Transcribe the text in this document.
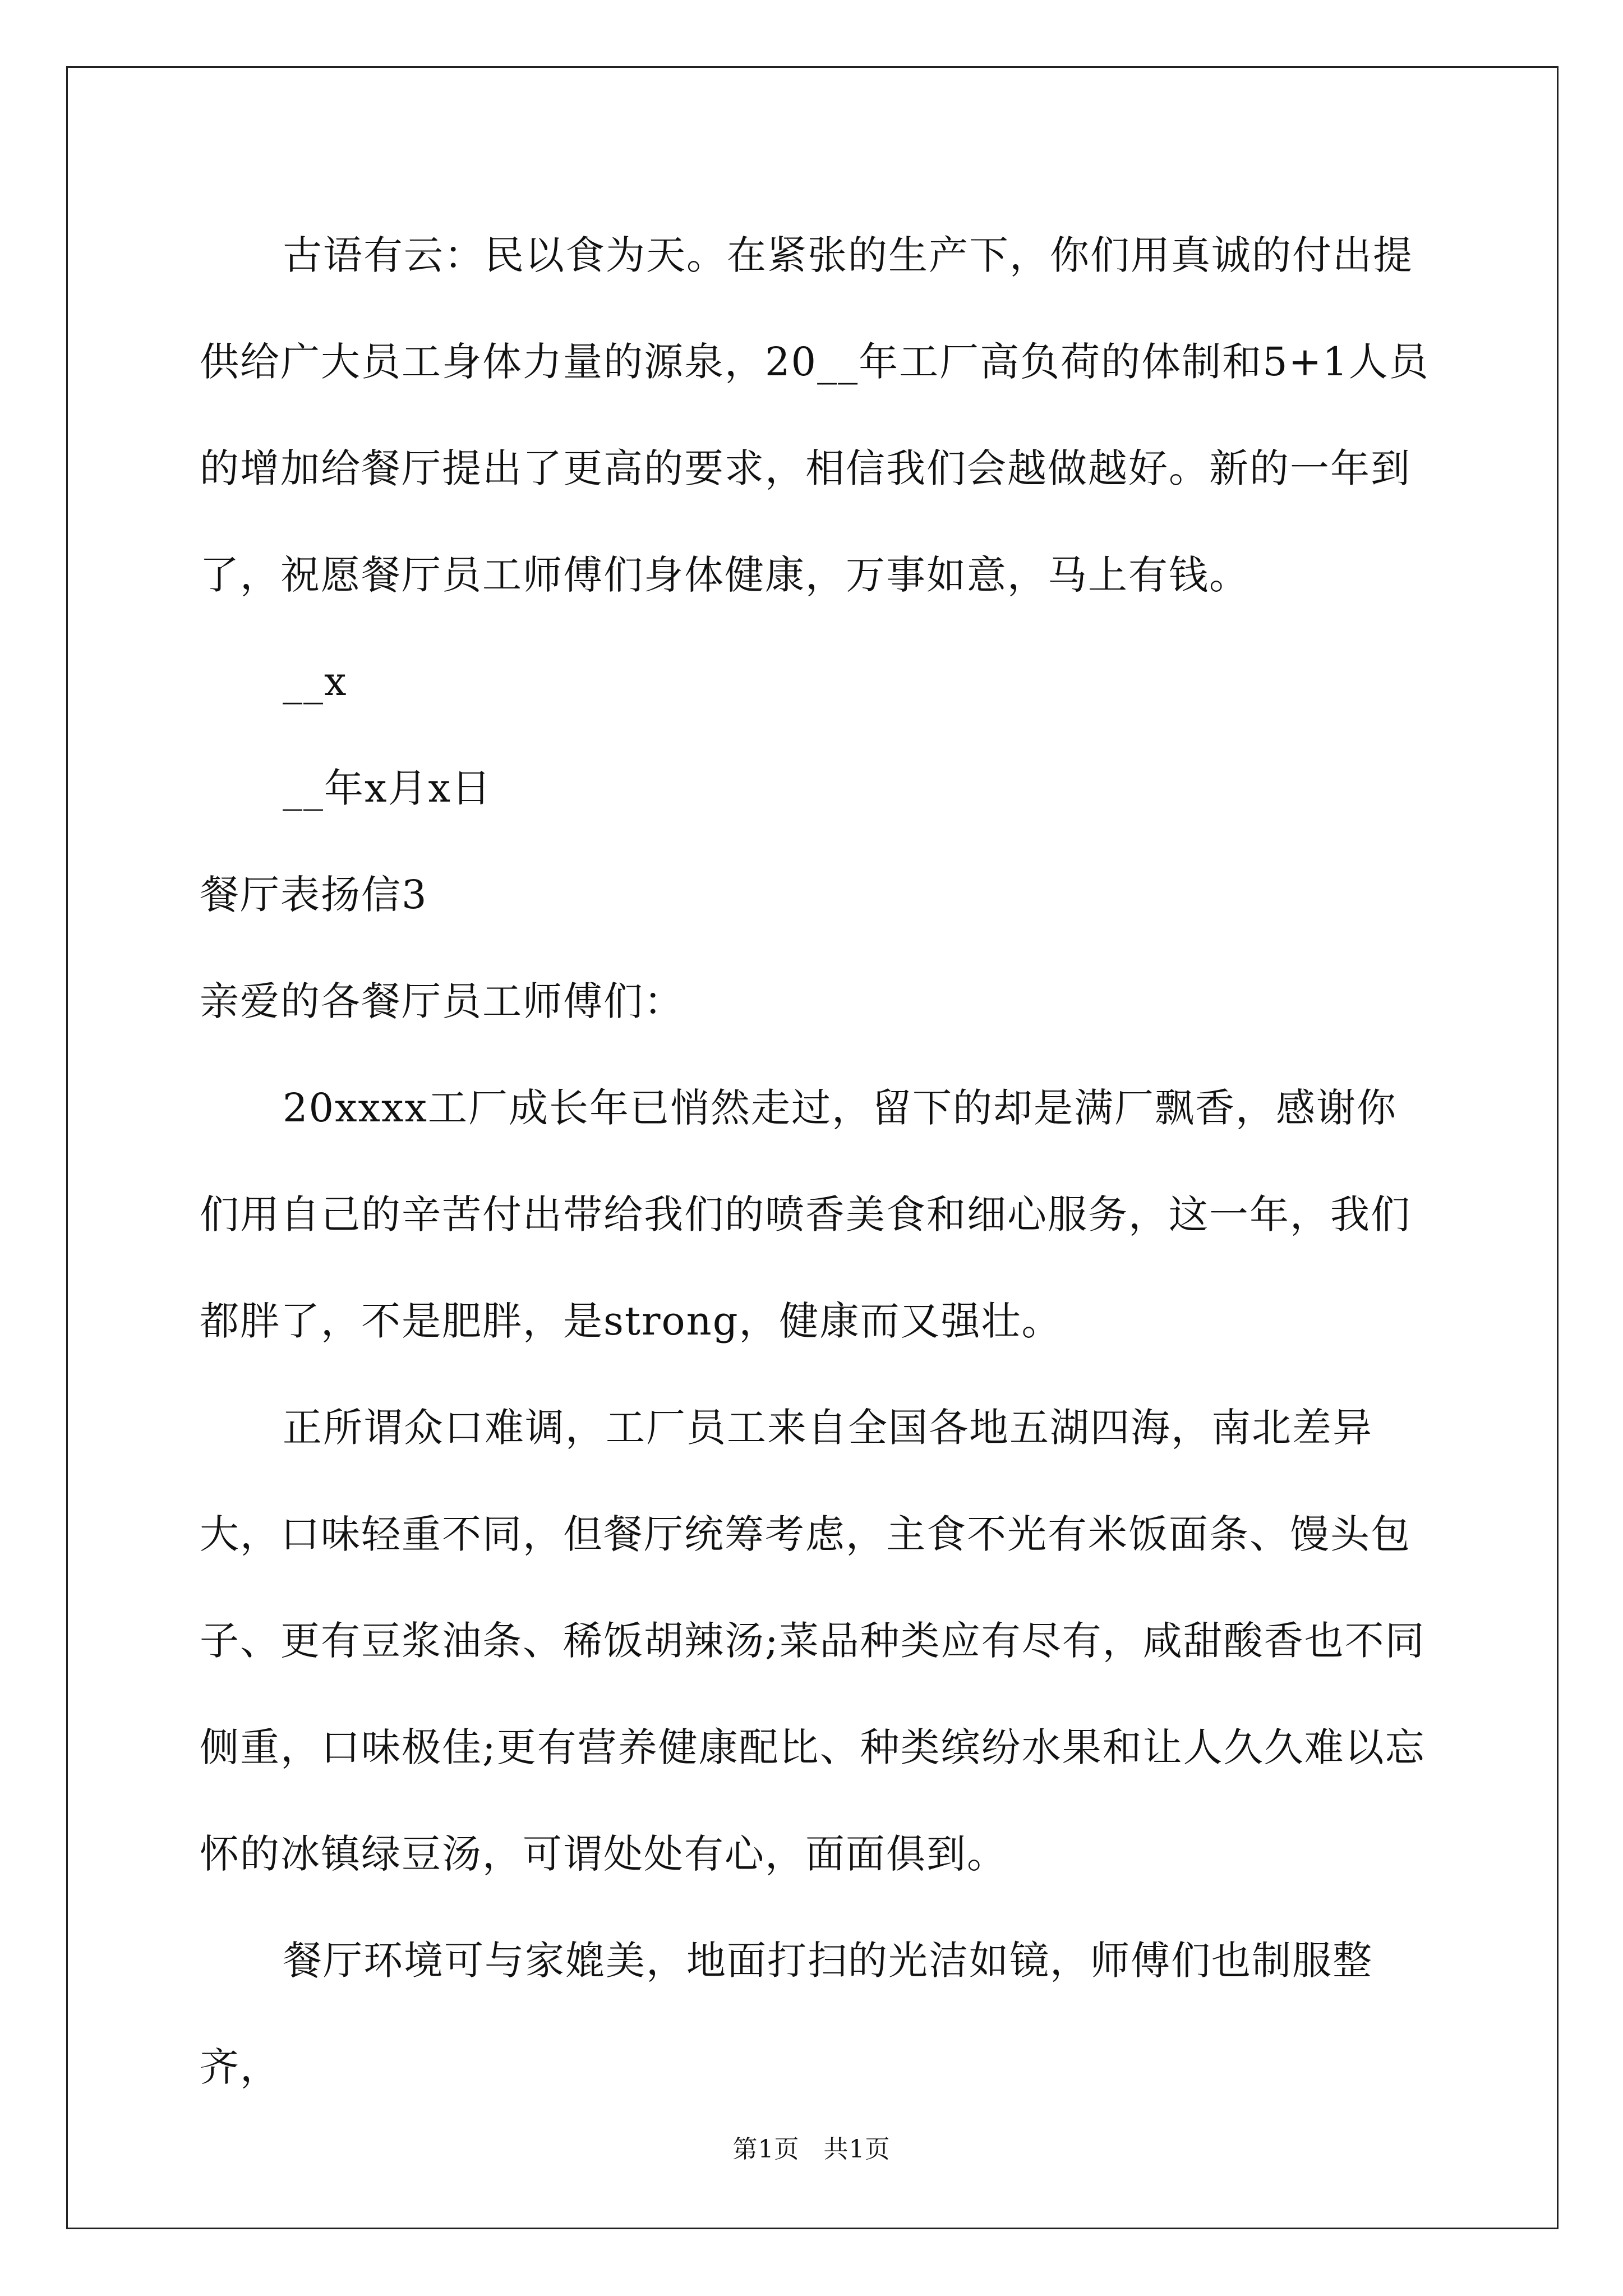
古语有云：民以食为天。在紧张的生产下，你们用真诚的付出提供给广大员工身体力量的源泉，20__年工厂高负荷的体制和5+1人员的增加给餐厅提出了更高的要求，相信我们会越做越好。新的一年到了，祝愿餐厅员工师傅们身体健康，万事如意，马上有钱。

__x

__年x月x日

餐厅表扬信3

亲爱的各餐厅员工师傅们：

20xxxx工厂成长年已悄然走过，留下的却是满厂飘香，感谢你们用自己的辛苦付出带给我们的喷香美食和细心服务，这一年，我们都胖了，不是肥胖，是strong，健康而又强壮。

正所谓众口难调，工厂员工来自全国各地五湖四海，南北差异大，口味轻重不同，但餐厅统筹考虑，主食不光有米饭面条、馒头包子、更有豆浆油条、稀饭胡辣汤;菜品种类应有尽有，咸甜酸香也不同侧重，口味极佳;更有营养健康配比、种类缤纷水果和让人久久难以忘怀的冰镇绿豆汤，可谓处处有心，面面俱到。

餐厅环境可与家媲美，地面打扫的光洁如镜，师傅们也制服整齐，

第1页 共1页
